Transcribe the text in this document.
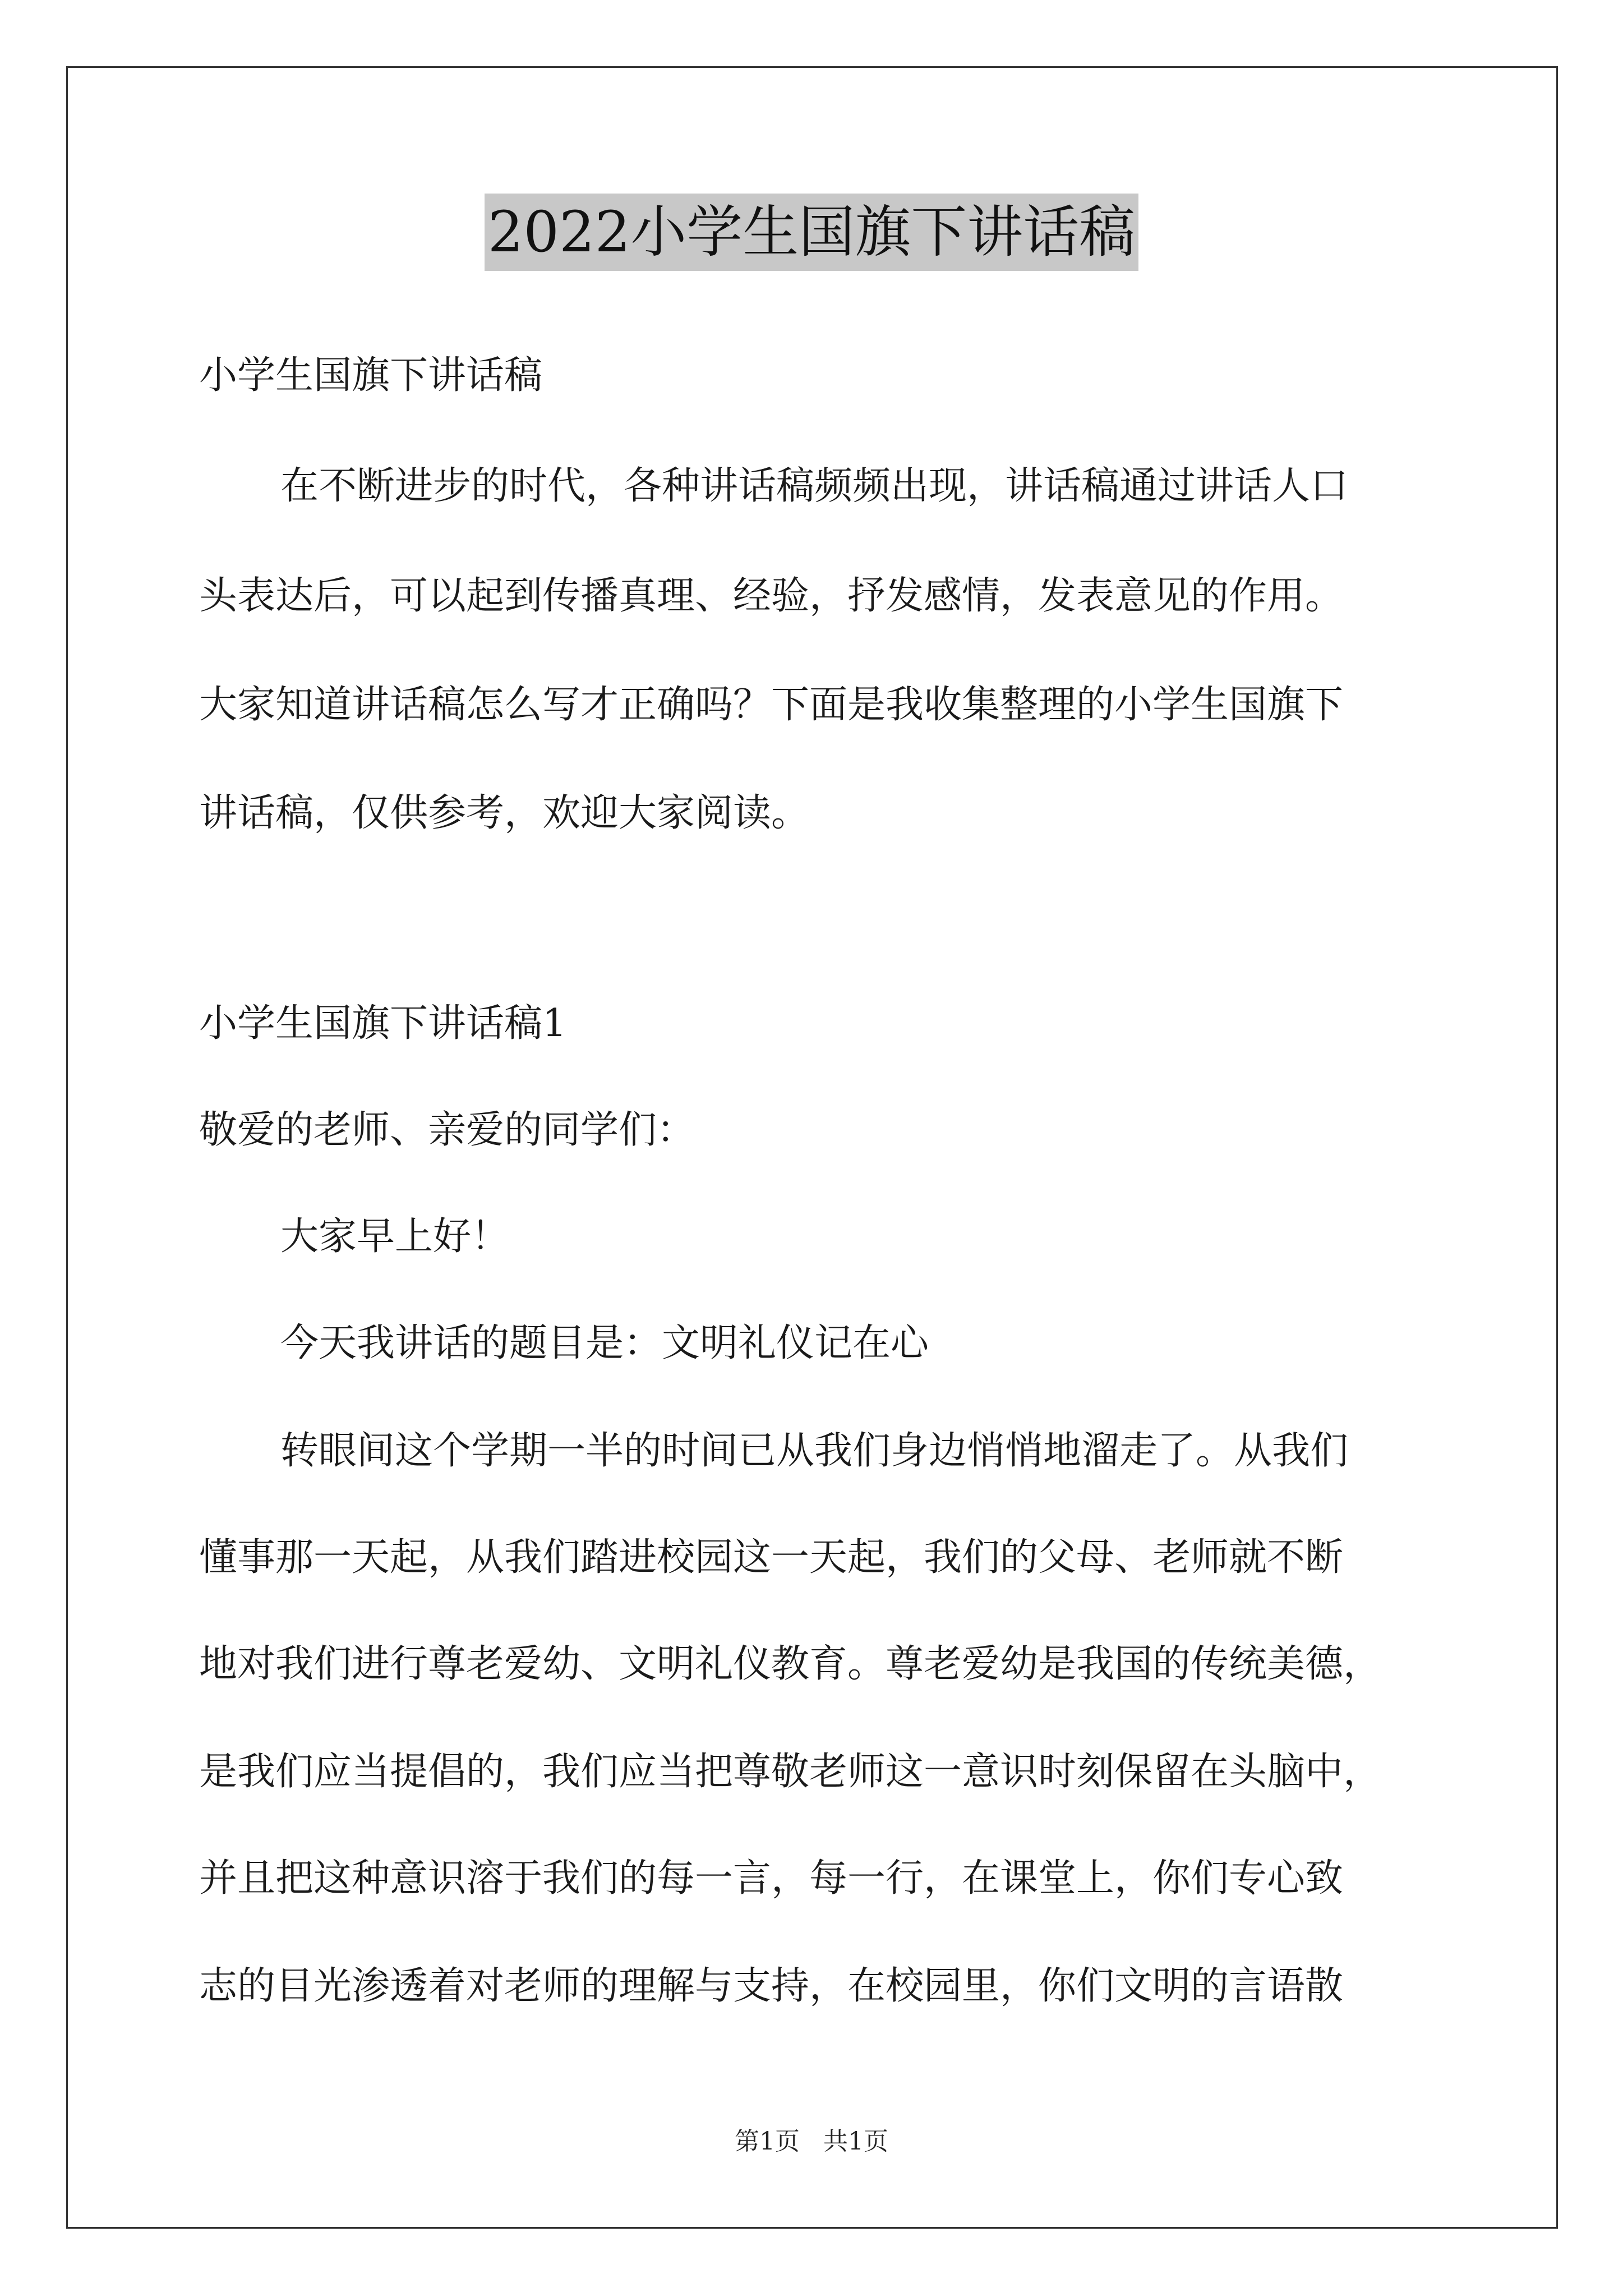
2022小学生国旗下讲话稿
小学生国旗下讲话稿
在不断进步的时代，各种讲话稿频频出现，讲话稿通过讲话人口
头表达后，可以起到传播真理、经验，抒发感情，发表意见的作用。
大家知道讲话稿怎么写才正确吗？下面是我收集整理的小学生国旗下
讲话稿，仅供参考，欢迎大家阅读。
小学生国旗下讲话稿1
敬爱的老师、亲爱的同学们：
大家早上好！
今天我讲话的题目是：文明礼仪记在心
转眼间这个学期一半的时间已从我们身边悄悄地溜走了。从我们
懂事那一天起，从我们踏进校园这一天起，我们的父母、老师就不断
地对我们进行尊老爱幼、文明礼仪教育。尊老爱幼是我国的传统美德，
是我们应当提倡的，我们应当把尊敬老师这一意识时刻保留在头脑中，
并且把这种意识溶于我们的每一言，每一行，在课堂上，你们专心致
志的目光渗透着对老师的理解与支持，在校园里，你们文明的言语散
第1页 共1页
